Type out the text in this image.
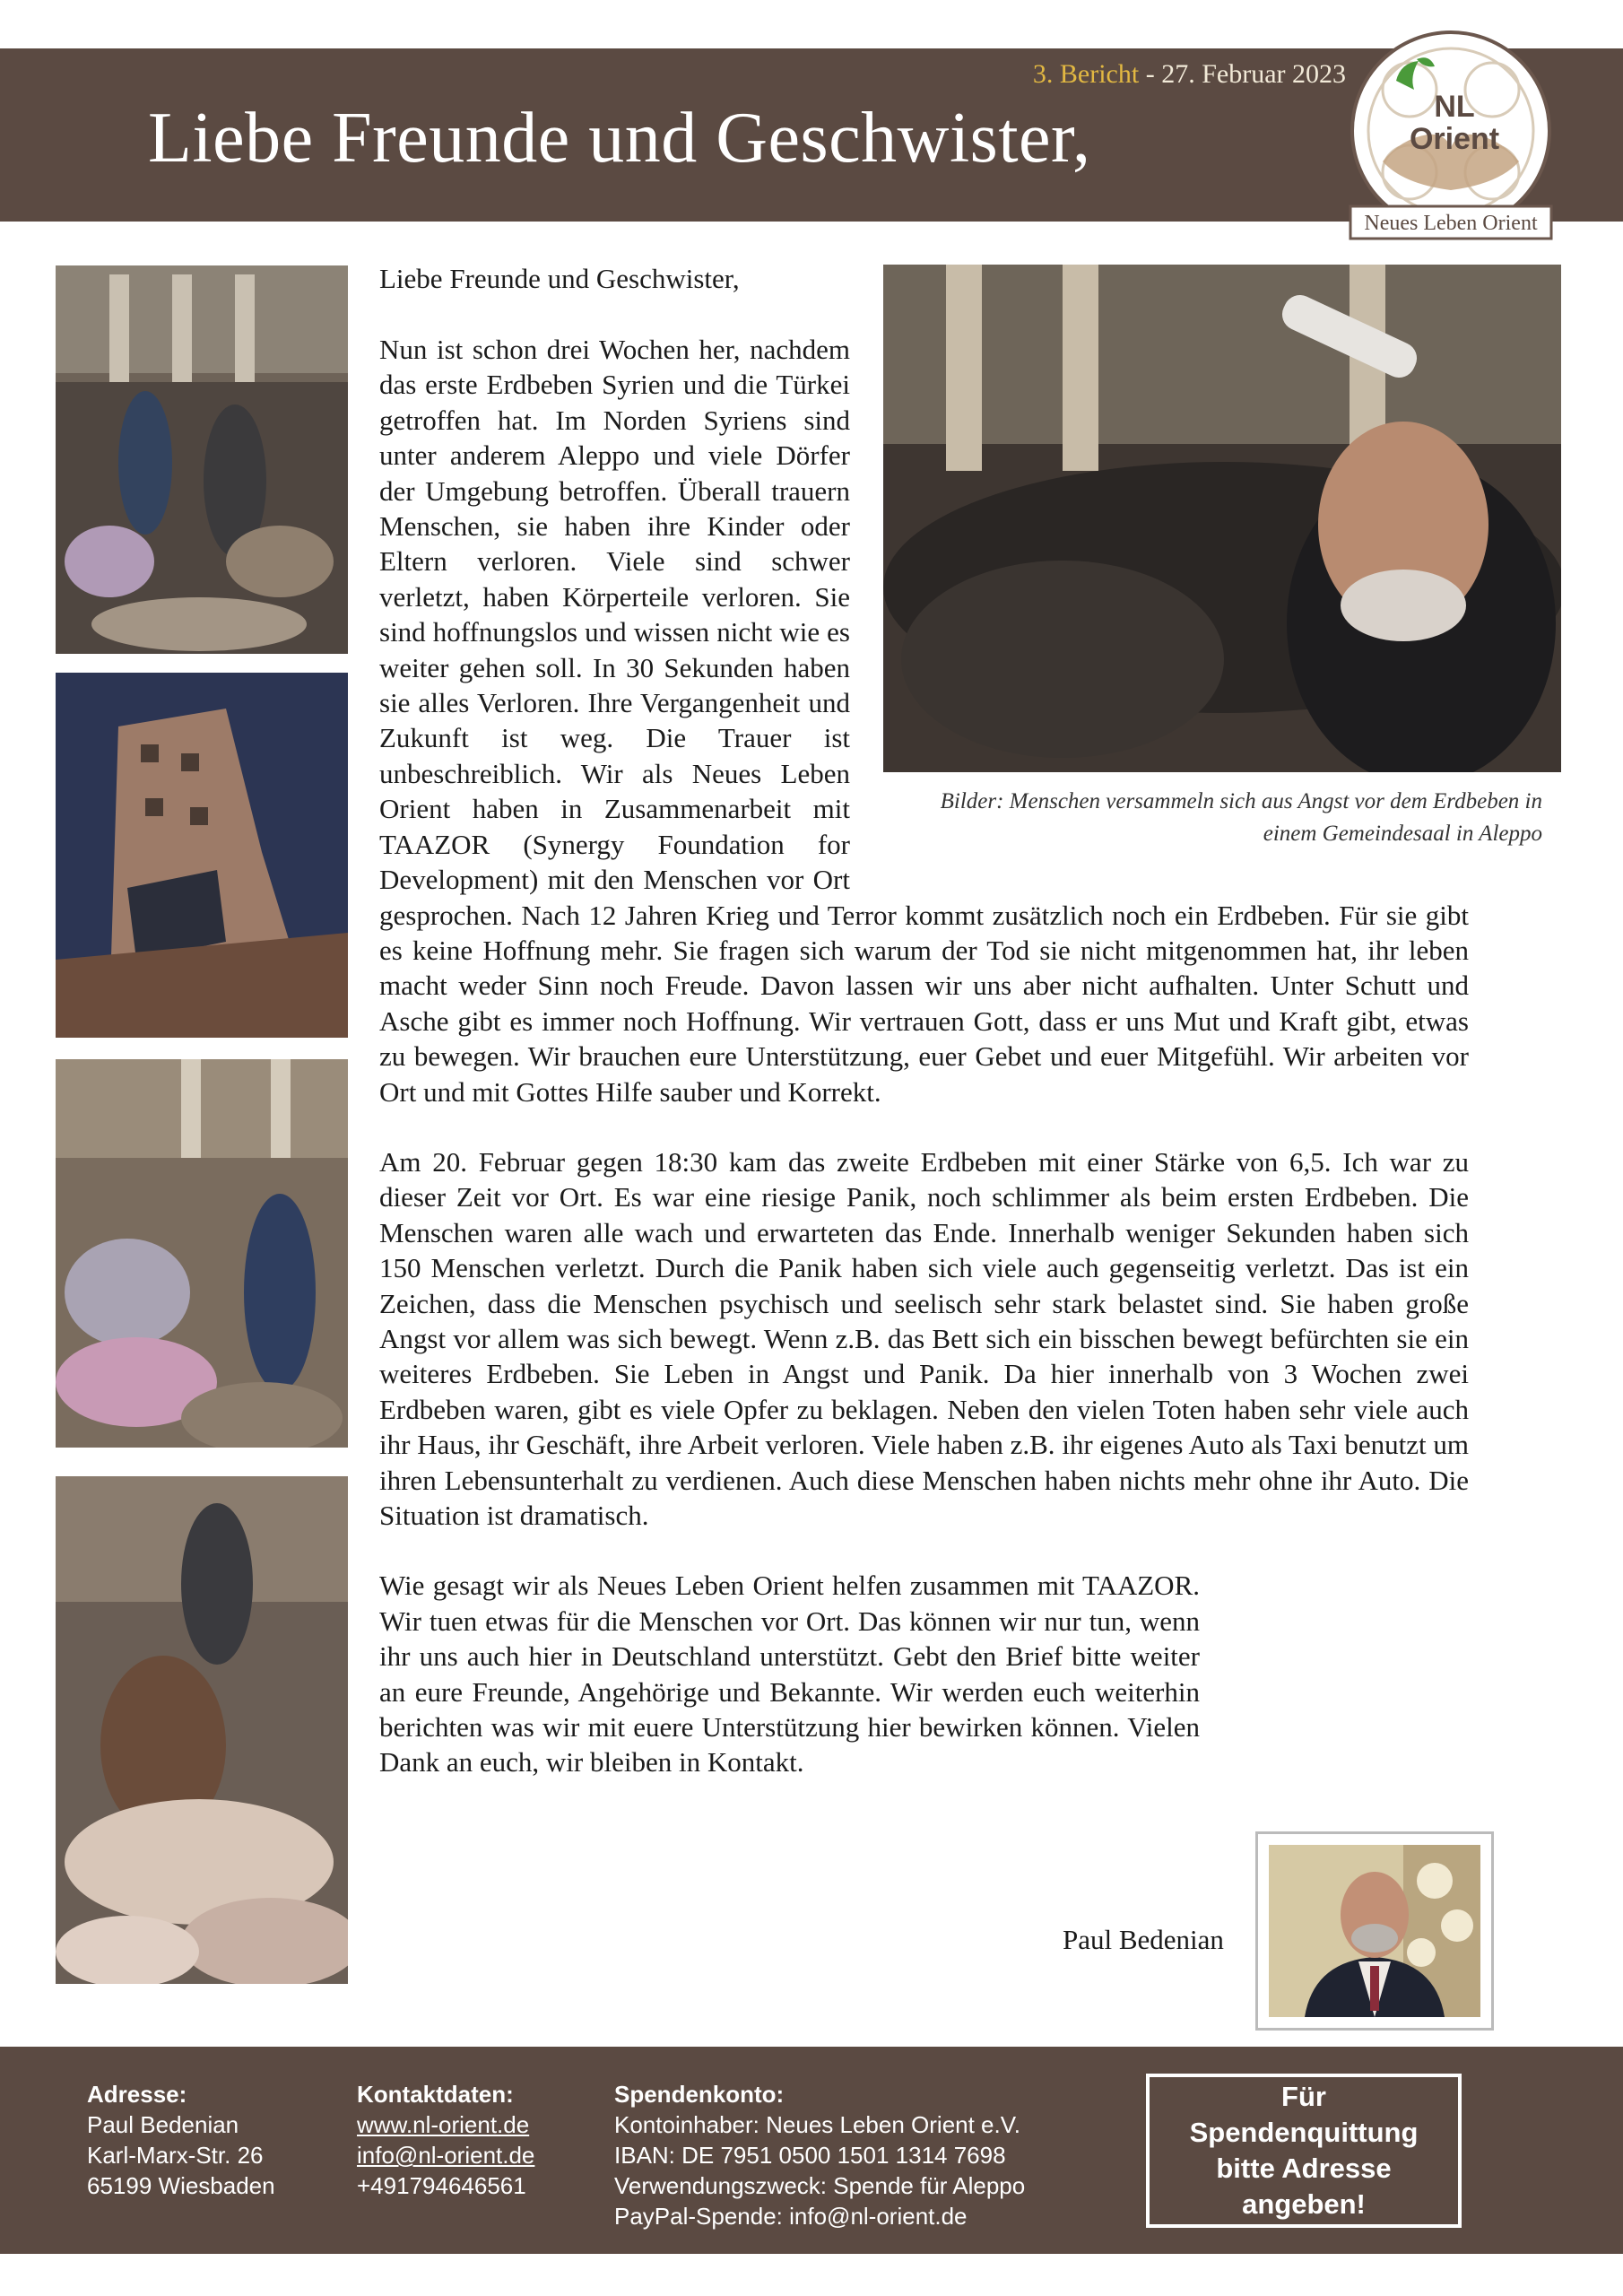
3. Bericht - 27. Februar 2023
Liebe Freunde und Geschwister,	NL
Orient
Neues Leben Orient
Bilder: Menschen versammeln sich aus Angst vor dem Erdbeben in einem Gemeindesaal in Aleppo
Liebe Freunde und Geschwister,

Nun ist schon drei Wochen her, nachdem das erste Erdbeben Syrien und die Türkei getroffen hat. Im Norden Syriens sind unter anderem Aleppo und viele Dörfer der Umgebung betroffen. Überall trauern Menschen, sie haben ihre Kinder oder Eltern verloren. Viele sind schwer verletzt, haben Körperteile verloren. Sie sind hoffnungslos und wissen nicht wie es weiter gehen soll. In 30 Sekunden haben sie alles Verloren. Ihre Vergangenheit und Zukunft ist weg. Die Trauer ist unbeschreiblich. Wir als Neues Leben Orient haben in Zusammenarbeit mit TAAZOR (Synergy Foundation for Development) mit den Menschen vor Ort gesprochen. Nach 12 Jahren Krieg und Terror kommt zusätzlich noch ein Erdbeben. Für sie gibt es keine Hoffnung mehr. Sie fragen sich warum der Tod sie nicht mitgenommen hat, ihr leben macht weder Sinn noch Freude. Davon lassen wir uns aber nicht aufhalten. Unter Schutt und Asche gibt es immer noch Hoffnung. Wir vertrauen Gott, dass er uns Mut und Kraft gibt, etwas zu bewegen. Wir brauchen eure Unterstützung, euer Gebet und euer Mitgefühl. Wir arbeiten vor Ort und mit Gottes Hilfe sauber und Korrekt.

Am 20. Februar gegen 18:30 kam das zweite Erdbeben mit einer Stärke von 6,5. Ich war zu dieser Zeit vor Ort. Es war eine riesige Panik, noch schlimmer als beim ersten Erdbeben. Die Menschen waren alle wach und erwarteten das Ende. Innerhalb weniger Sekunden haben sich 150 Menschen verletzt. Durch die Panik haben sich viele auch gegenseitig verletzt. Das ist ein Zeichen, dass die Menschen psychisch und seelisch sehr stark belastet sind. Sie haben große Angst vor allem was sich bewegt. Wenn z.B. das Bett sich ein bisschen bewegt befürchten sie ein weiteres Erdbeben. Sie Leben in Angst und Panik. Da hier innerhalb von 3 Wochen zwei Erdbeben waren, gibt es viele Opfer zu beklagen. Neben den vielen Toten haben sehr viele auch ihr Haus, ihr Geschäft, ihre Arbeit verloren. Viele haben z.B. ihr eigenes Auto als Taxi benutzt um ihren Lebensunterhalt zu verdienen. Auch diese Menschen haben nichts mehr ohne ihr Auto. Die Situation ist dramatisch.

Wie gesagt wir als Neues Leben Orient helfen zusammen mit TAAZOR. Wir tuen etwas für die Menschen vor Ort. Das können wir nur tun, wenn ihr uns auch hier in Deutschland unterstützt. Gebt den Brief bitte weiter an eure Freunde, Angehörige und Bekannte. Wir werden euch weiterhin berichten was wir mit euere Unterstützung hier bewirken können. Vielen Dank an euch, wir bleiben in Kontakt.

Paul Bedenian
Adresse:
Paul Bedenian
Karl-Marx-Str. 26
65199 Wiesbaden
Kontaktdaten:
www.nl-orient.de
info@nl-orient.de
+491794646561
Spendenkonto:
Kontoinhaber: Neues Leben Orient e.V.
IBAN: DE 7951 0500 1501 1314 7698
Verwendungszweck: Spende für Aleppo
PayPal-Spende: info@nl-orient.de
Für Spendenquittung bitte Adresse angeben!
